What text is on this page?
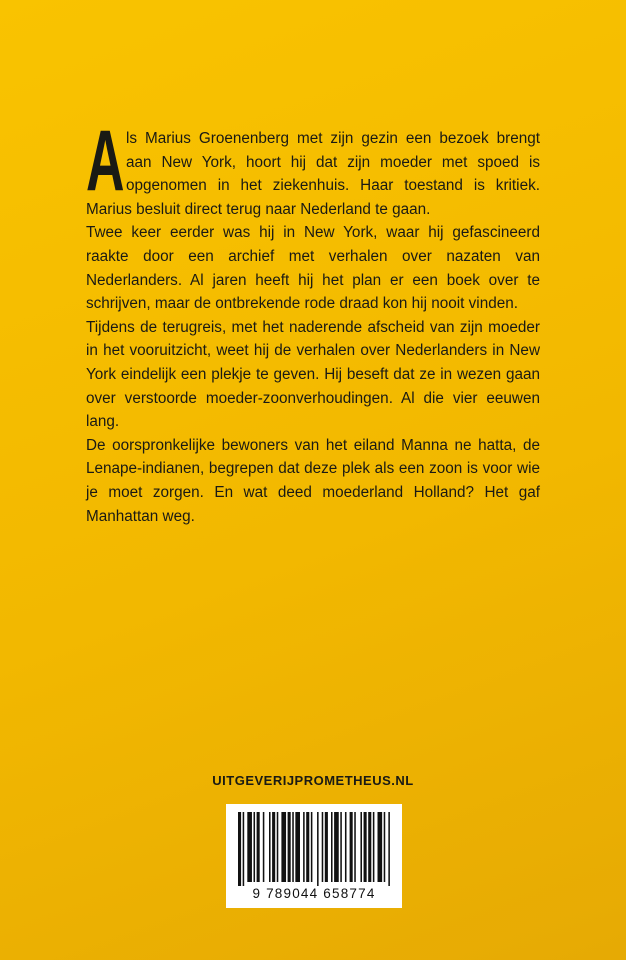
Als Marius Groenenberg met zijn gezin een bezoek brengt aan New York, hoort hij dat zijn moeder met spoed is opgenomen in het ziekenhuis. Haar toestand is kritiek. Marius besluit direct terug naar Nederland te gaan.

Twee keer eerder was hij in New York, waar hij gefascineerd raakte door een archief met verhalen over nazaten van Nederlanders. Al jaren heeft hij het plan er een boek over te schrijven, maar de ontbrekende rode draad kon hij nooit vinden.

Tijdens de terugreis, met het naderende afscheid van zijn moeder in het vooruitzicht, weet hij de verhalen over Nederlanders in New York eindelijk een plekje te geven. Hij beseft dat ze in wezen gaan over verstoorde moeder-zoonverhoudingen. Al die vier eeuwen lang.

De oorspronkelijke bewoners van het eiland Manna ne hatta, de Lenape-indianen, begrepen dat deze plek als een zoon is voor wie je moet zorgen. En wat deed moederland Holland? Het gaf Manhattan weg.

UITGEVERIJPROMETHEUS.NL
9 789044 658774
